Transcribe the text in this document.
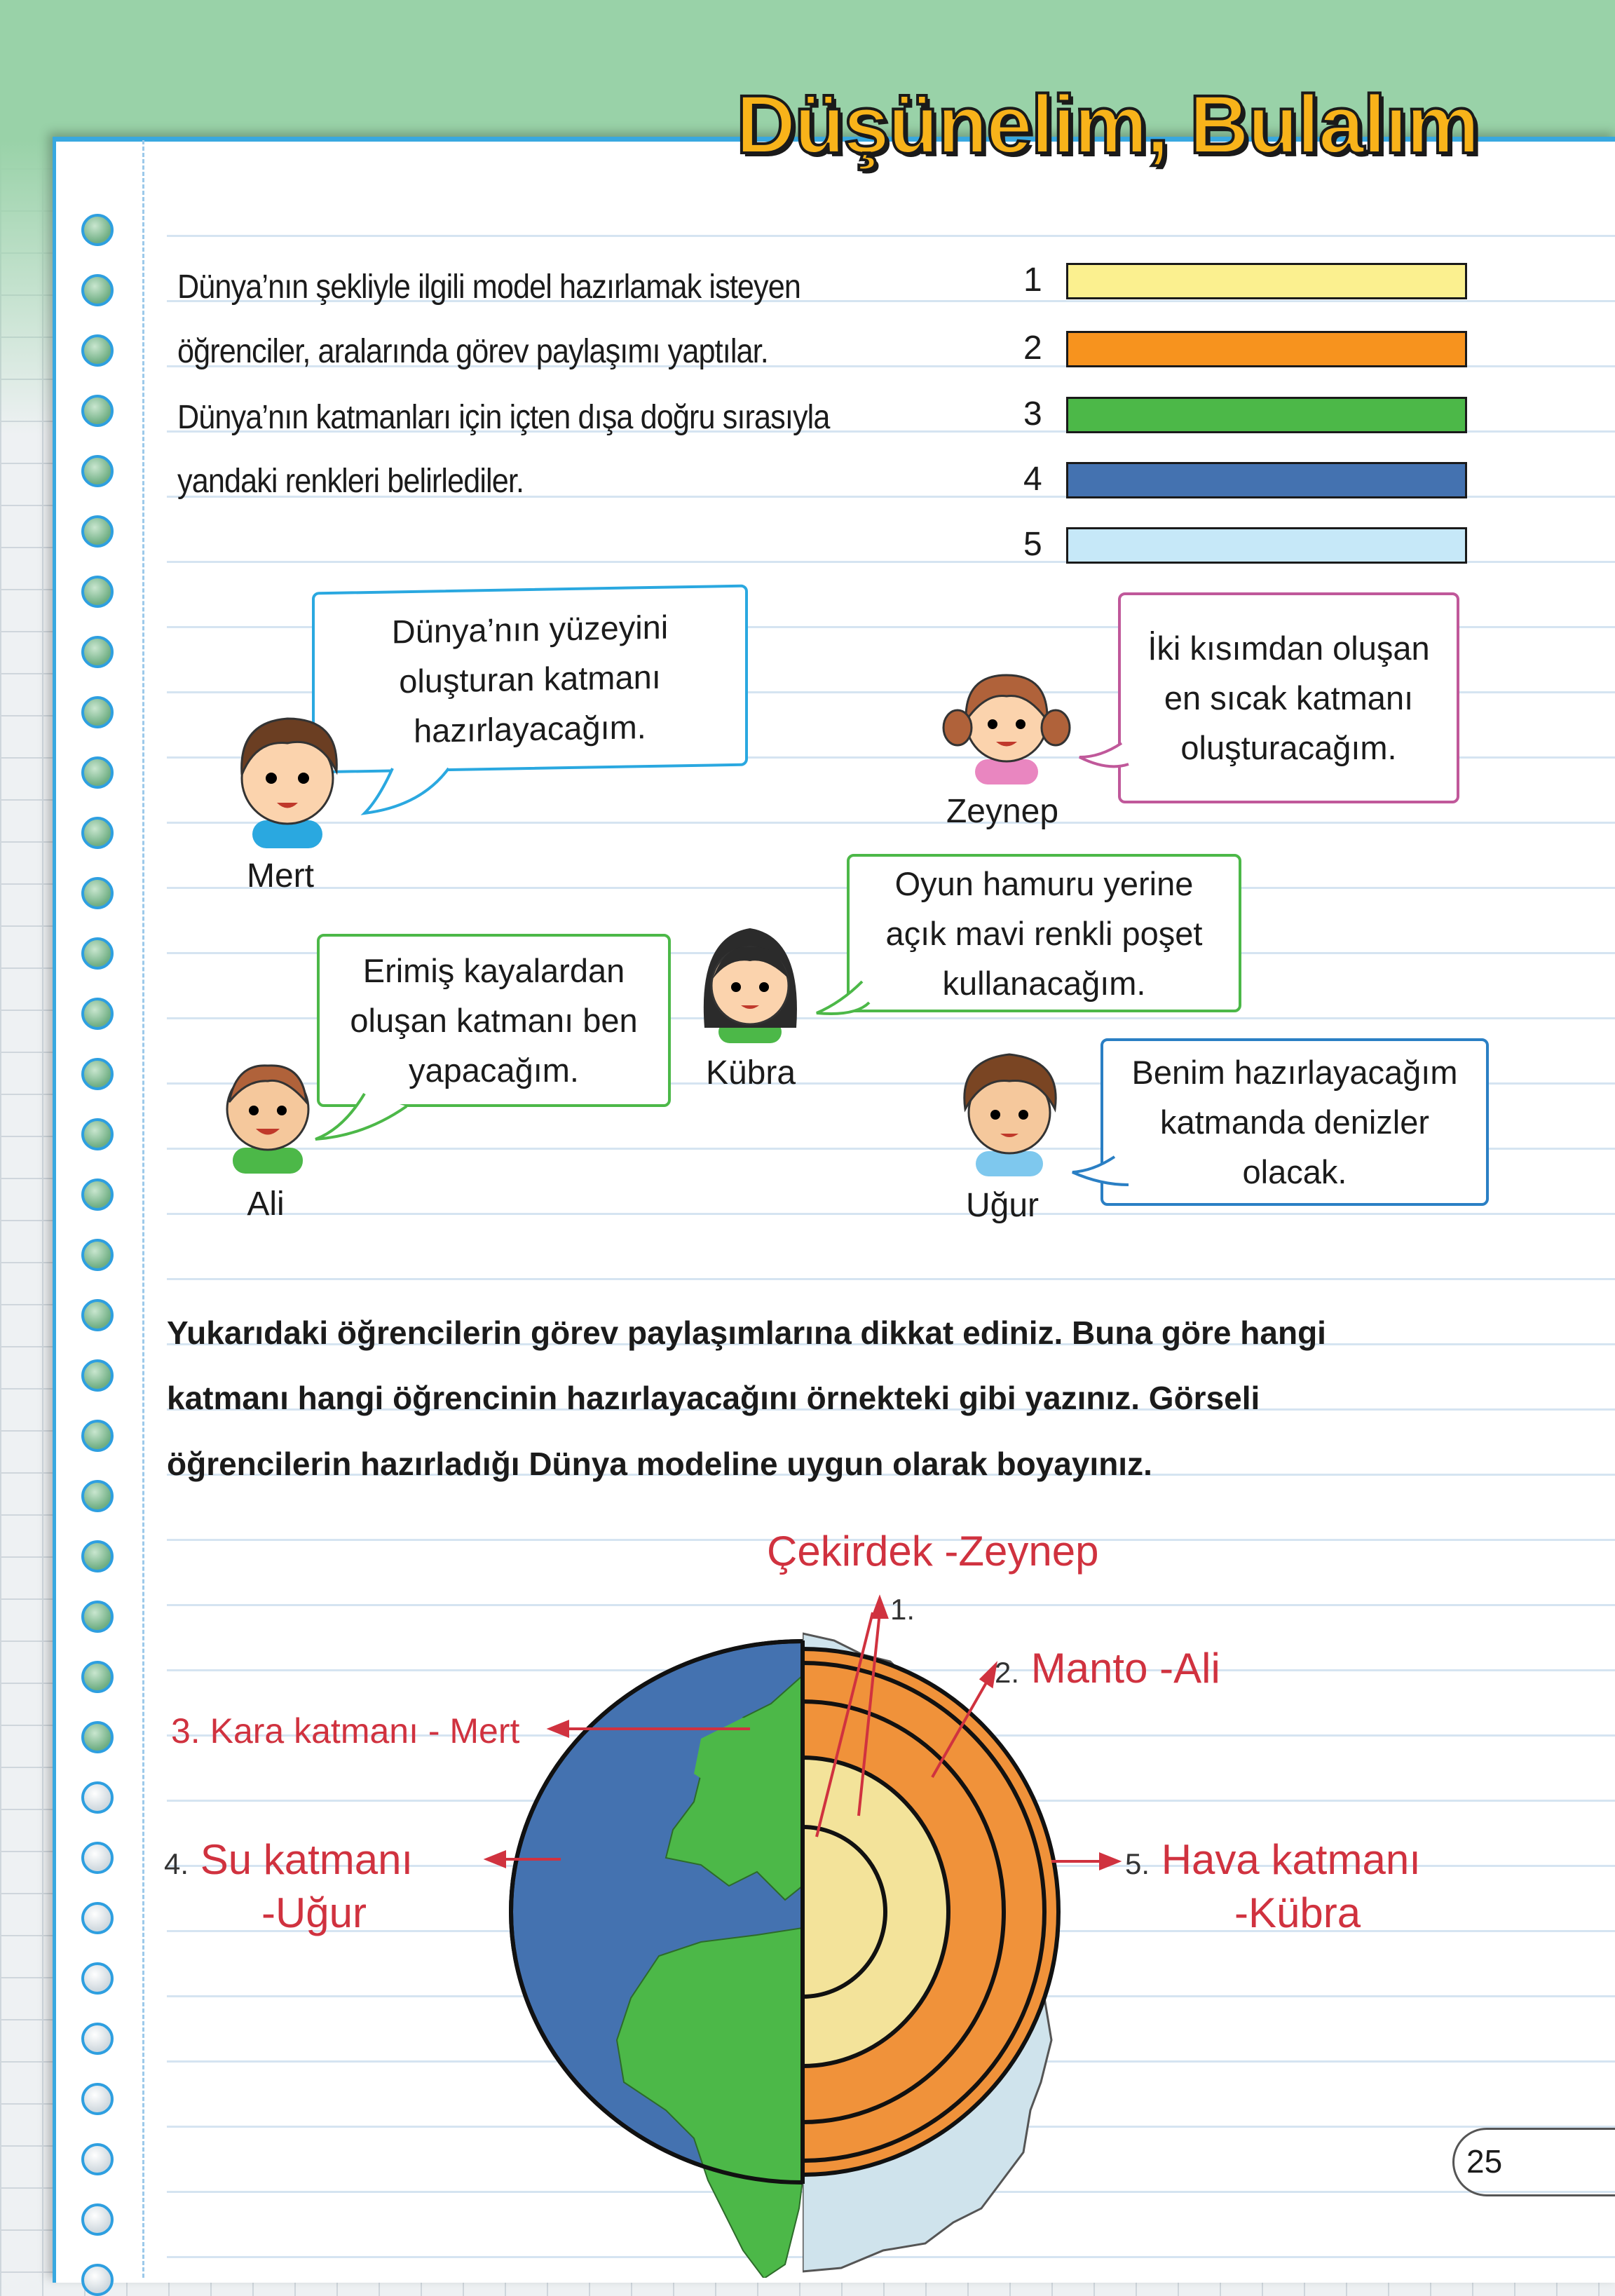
Düşünelim, Bulalım
Dünya’nın şekliyle ilgili model hazırlamak isteyen
öğrenciler, aralarında görev paylaşımı yaptılar.
Dünya’nın katmanları için içten dışa doğru sırasıyla
yandaki renkleri belirlediler.
1
2
3
4
5
Dünya’nın yüzeyini
oluşturan katmanı
hazırlayacağım.
İki kısımdan oluşan
en sıcak katmanı
oluşturacağım.
Oyun hamuru yerine
açık mavi renkli poşet
kullanacağım.
Erimiş kayalardan
oluşan katmanı ben
yapacağım.	Benim hazırlayacağım
katmanda denizler
olacak.
Mert
Zeynep
Kübra
Ali	Uğur
Yukarıdaki öğrencilerin görev paylaşımlarına dikkat ediniz. Buna göre hangi
katmanı hangi öğrencinin hazırlayacağını örnekteki gibi yazınız. Görseli
öğrencilerin hazırladığı Dünya modeline uygun olarak boyayınız.
Çekirdek -Zeynep
1.
2. Manto -Ali
3. Kara katmanı - Mert
4. Su katmanı
-Uğur
5. Hava katmanı
-Kübra
25
